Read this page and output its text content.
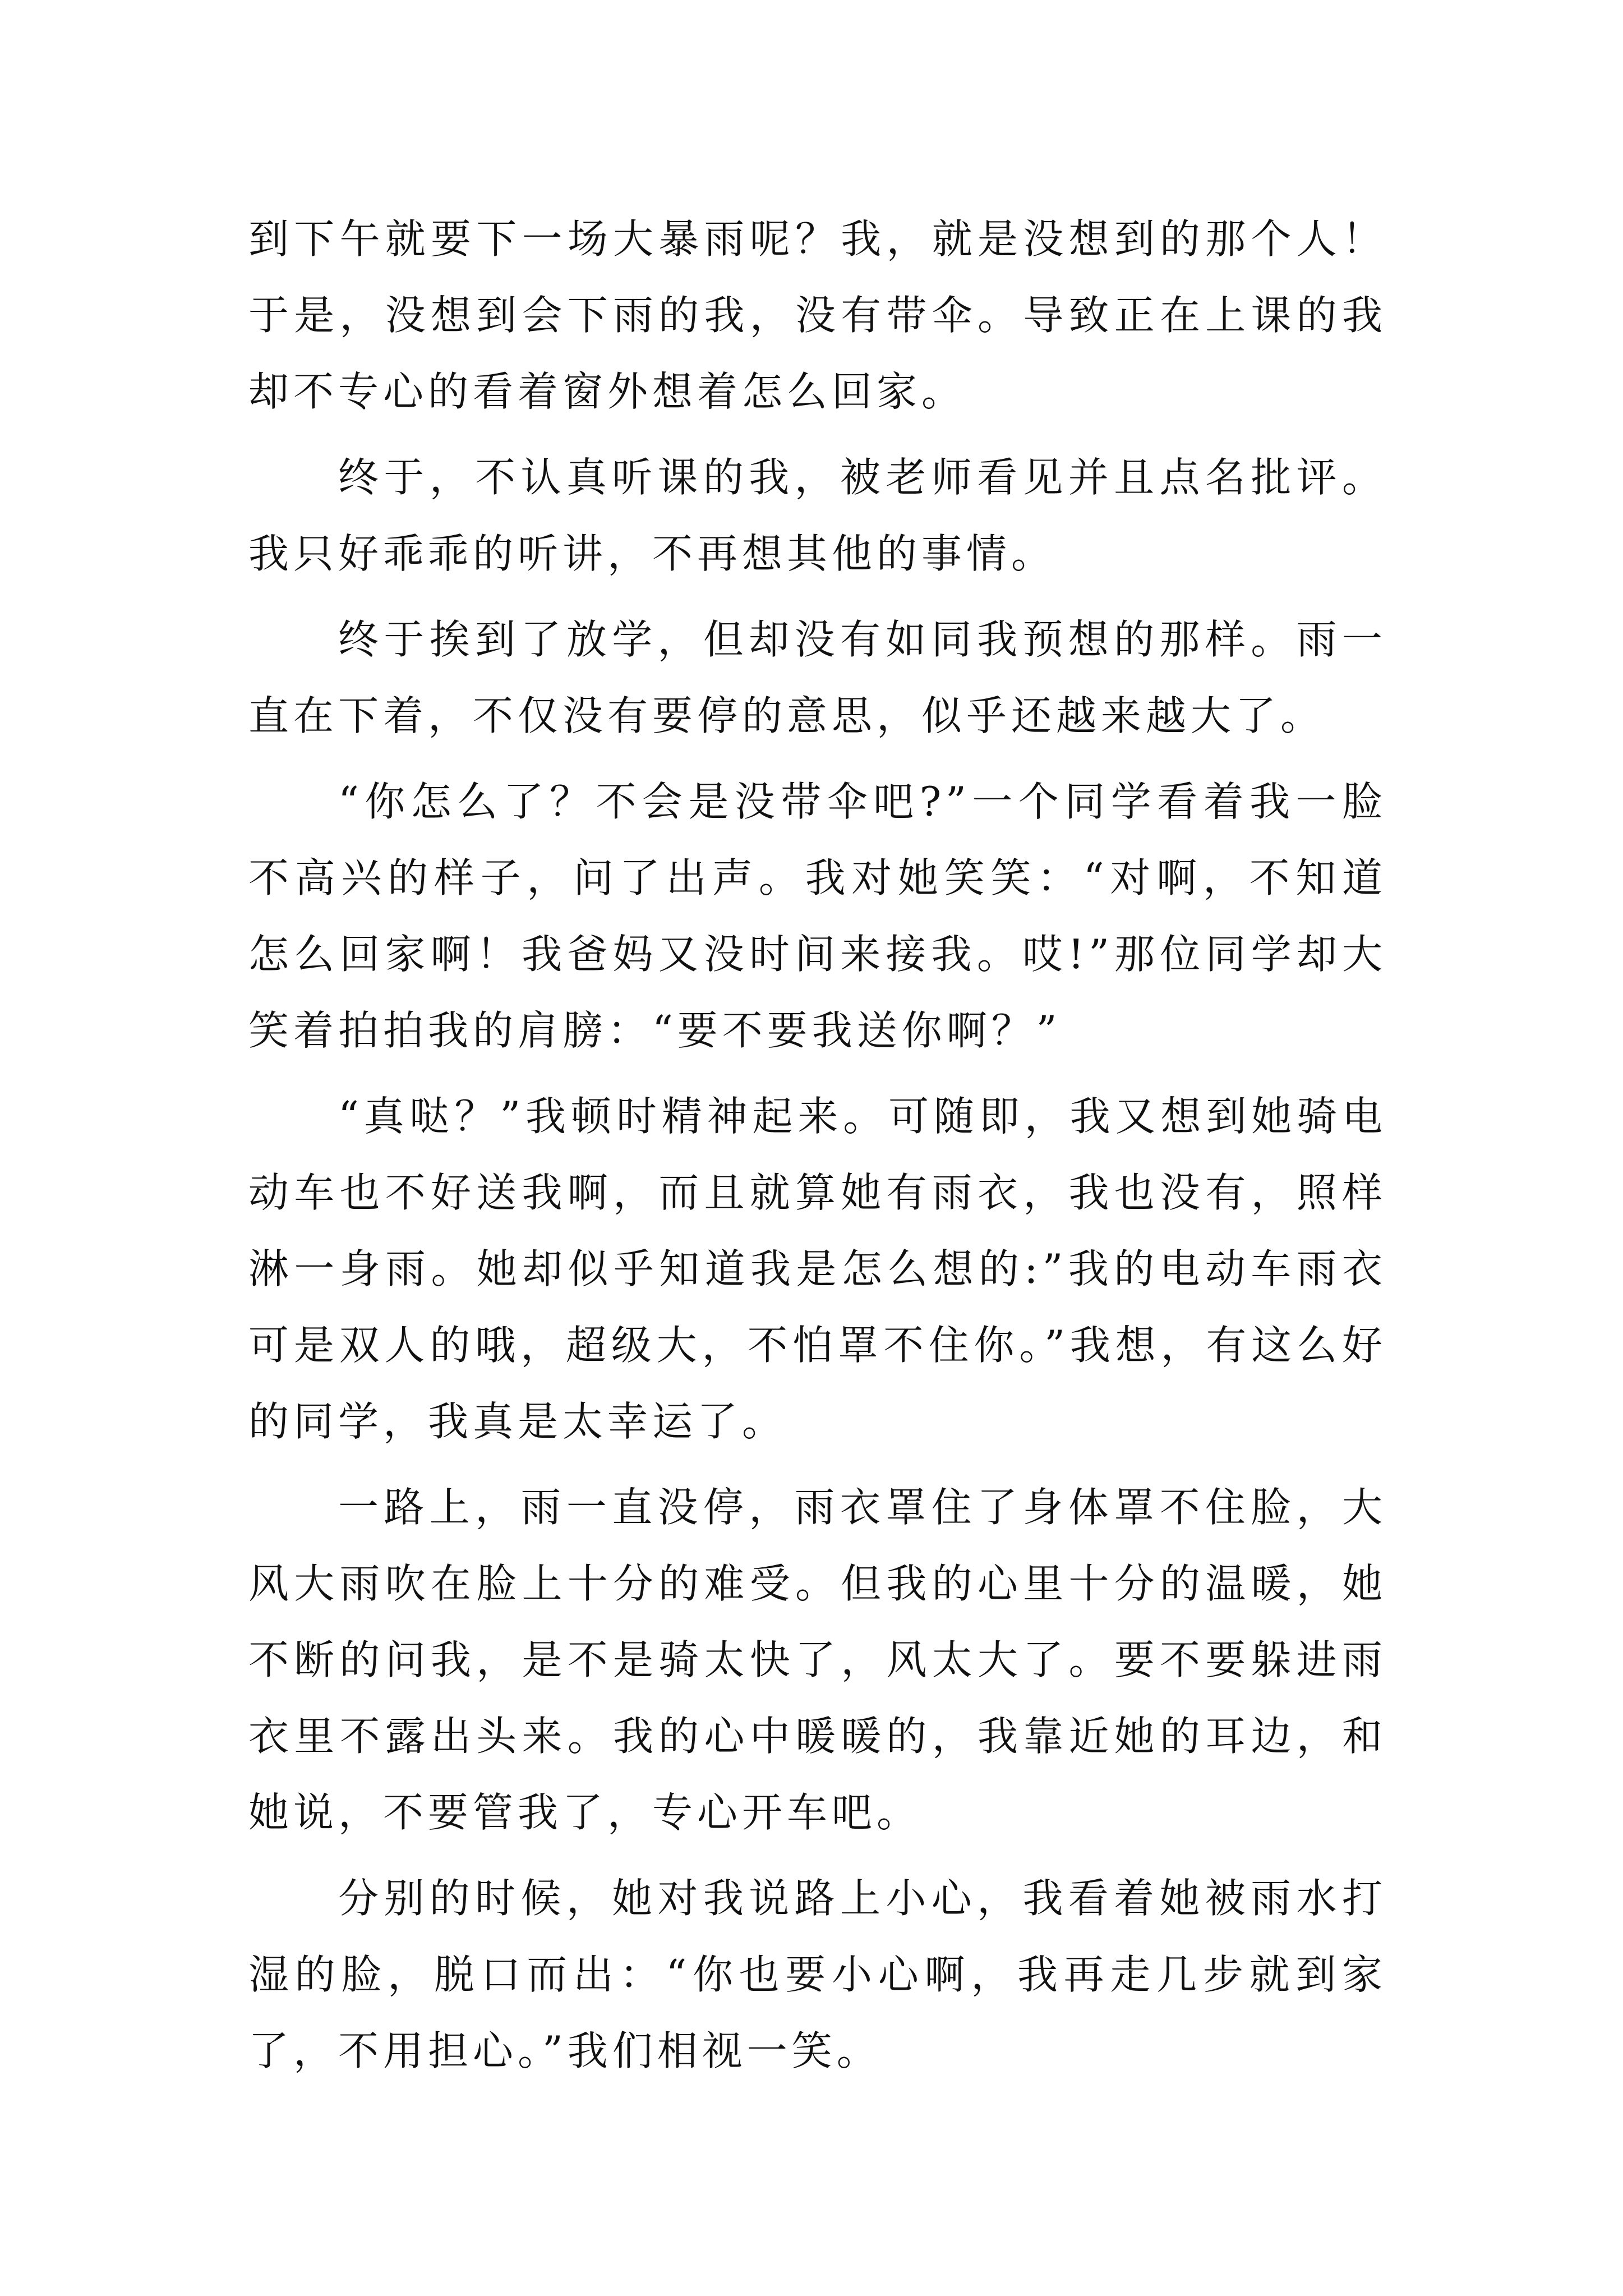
到下午就要下一场大暴雨呢？我，就是没想到的那个人！于是，没想到会下雨的我，没有带伞。导致正在上课的我却不专心的看着窗外想着怎么回家。

终于，不认真听课的我，被老师看见并且点名批评。我只好乖乖的听讲，不再想其他的事情。

终于挨到了放学，但却没有如同我预想的那样。雨一直在下着，不仅没有要停的意思，似乎还越来越大了。

“你怎么了？不会是没带伞吧?”一个同学看着我一脸不高兴的样子，问了出声。我对她笑笑：“对啊，不知道怎么回家啊！我爸妈又没时间来接我。哎!”那位同学却大笑着拍拍我的肩膀：“要不要我送你啊？”

“真哒？”我顿时精神起来。可随即，我又想到她骑电动车也不好送我啊，而且就算她有雨衣，我也没有，照样淋一身雨。她却似乎知道我是怎么想的:”我的电动车雨衣可是双人的哦，超级大，不怕罩不住你。”我想，有这么好的同学，我真是太幸运了。

一路上，雨一直没停，雨衣罩住了身体罩不住脸，大风大雨吹在脸上十分的难受。但我的心里十分的温暖，她不断的问我，是不是骑太快了，风太大了。要不要躲进雨衣里不露出头来。我的心中暖暖的，我靠近她的耳边，和她说，不要管我了，专心开车吧。

分别的时候，她对我说路上小心，我看着她被雨水打湿的脸，脱口而出：“你也要小心啊，我再走几步就到家了，不用担心。”我们相视一笑。
